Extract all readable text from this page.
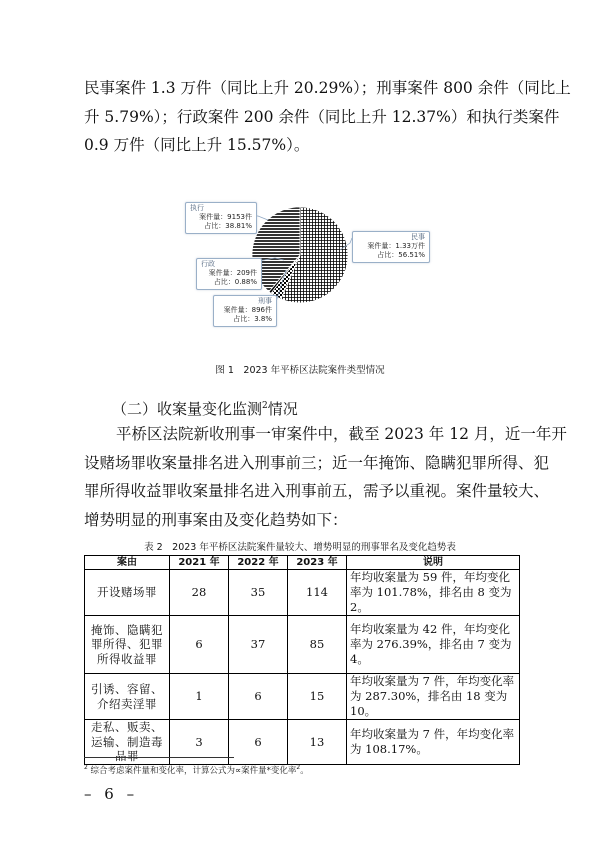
民事案件 1.3 万件（同比上升 20.29%）；刑事案件 800 余件（同比上
升 5.79%）；行政案件 200 余件（同比上升 12.37%）和执行类案件
0.9 万件（同比上升 15.57%）。
执行
案件量：9153件
占比：38.81%
民事
案件量：1.33万件
占比：56.51%
行政
案件量：209件
占比：0.88%
刑事
案件量：896件
占比：3.8%
图 1　2023 年平桥区法院案件类型情况
（二）收案量变化监测$^2$情况
平桥区法院新收刑事一审案件中，截至 2023 年 12 月，近一年开
设赌场罪收案量排名进入刑事前三；近一年掩饰、隐瞒犯罪所得、犯
罪所得收益罪收案量排名进入刑事前五，需予以重视。案件量较大、
增势明显的刑事案由及变化趋势如下：
表 2　2023 年平桥区法院案件量较大、增势明显的刑事罪名及变化趋势表
案由	2021 年	2022 年	2023 年	说明
开设赌场罪	28	35	114	年均收案量为 59 件，年均变化率为 101.78%，排名由 8 变为 2。
掩饰、隐瞒犯罪所得、犯罪所得收益罪	6	37	85	年均收案量为 42 件，年均变化率为 276.39%，排名由 7 变为 4。
引诱、容留、介绍卖淫罪	1	6	15	年均收案量为 7 件，年均变化率为 287.30%，排名由 18 变为 10。
走私、贩卖、运输、制造毒品罪	3	6	13	年均收案量为 7 件，年均变化率为 108.17%。
$^2$ 综合考虑案件量和变化率，计算公式为∝案件量*变化率$^2$。
– 6 –
